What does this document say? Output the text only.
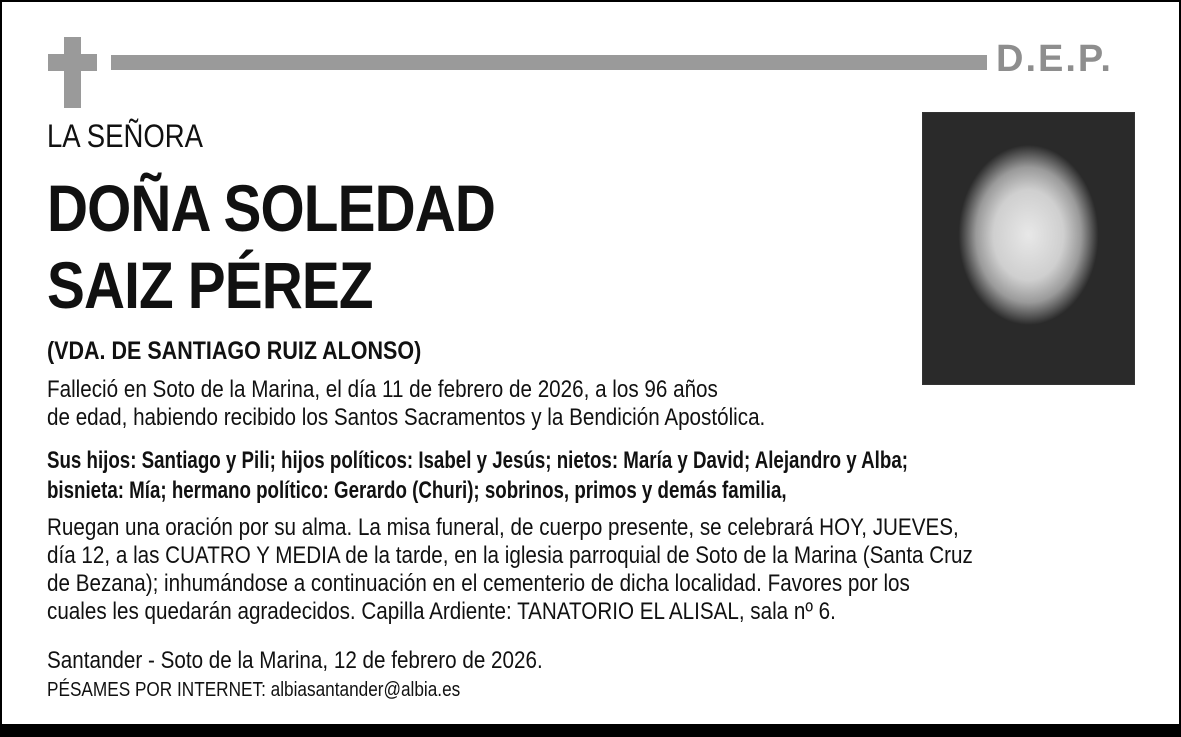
D.E.P.
LA SEÑORA
DOÑA SOLEDAD
SAIZ PÉREZ
(VDA. DE SANTIAGO RUIZ ALONSO)
Falleció en Soto de la Marina, el día 11 de febrero de 2026, a los 96 años
de edad, habiendo recibido los Santos Sacramentos y la Bendición Apostólica.
Sus hijos: Santiago y Pili; hijos políticos: Isabel y Jesús; nietos: María y David; Alejandro y Alba;
bisnieta: Mía; hermano político: Gerardo (Churi); sobrinos, primos y demás familia,
Ruegan una oración por su alma. La misa funeral, de cuerpo presente, se celebrará HOY, JUEVES,
día 12, a las CUATRO Y MEDIA de la tarde, en la iglesia parroquial de Soto de la Marina (Santa Cruz
de Bezana); inhumándose a continuación en el cementerio de dicha localidad. Favores por los
cuales les quedarán agradecidos. Capilla Ardiente: TANATORIO EL ALISAL, sala nº 6.
Santander - Soto de la Marina, 12 de febrero de 2026.
PÉSAMES POR INTERNET: albiasantander@albia.es
